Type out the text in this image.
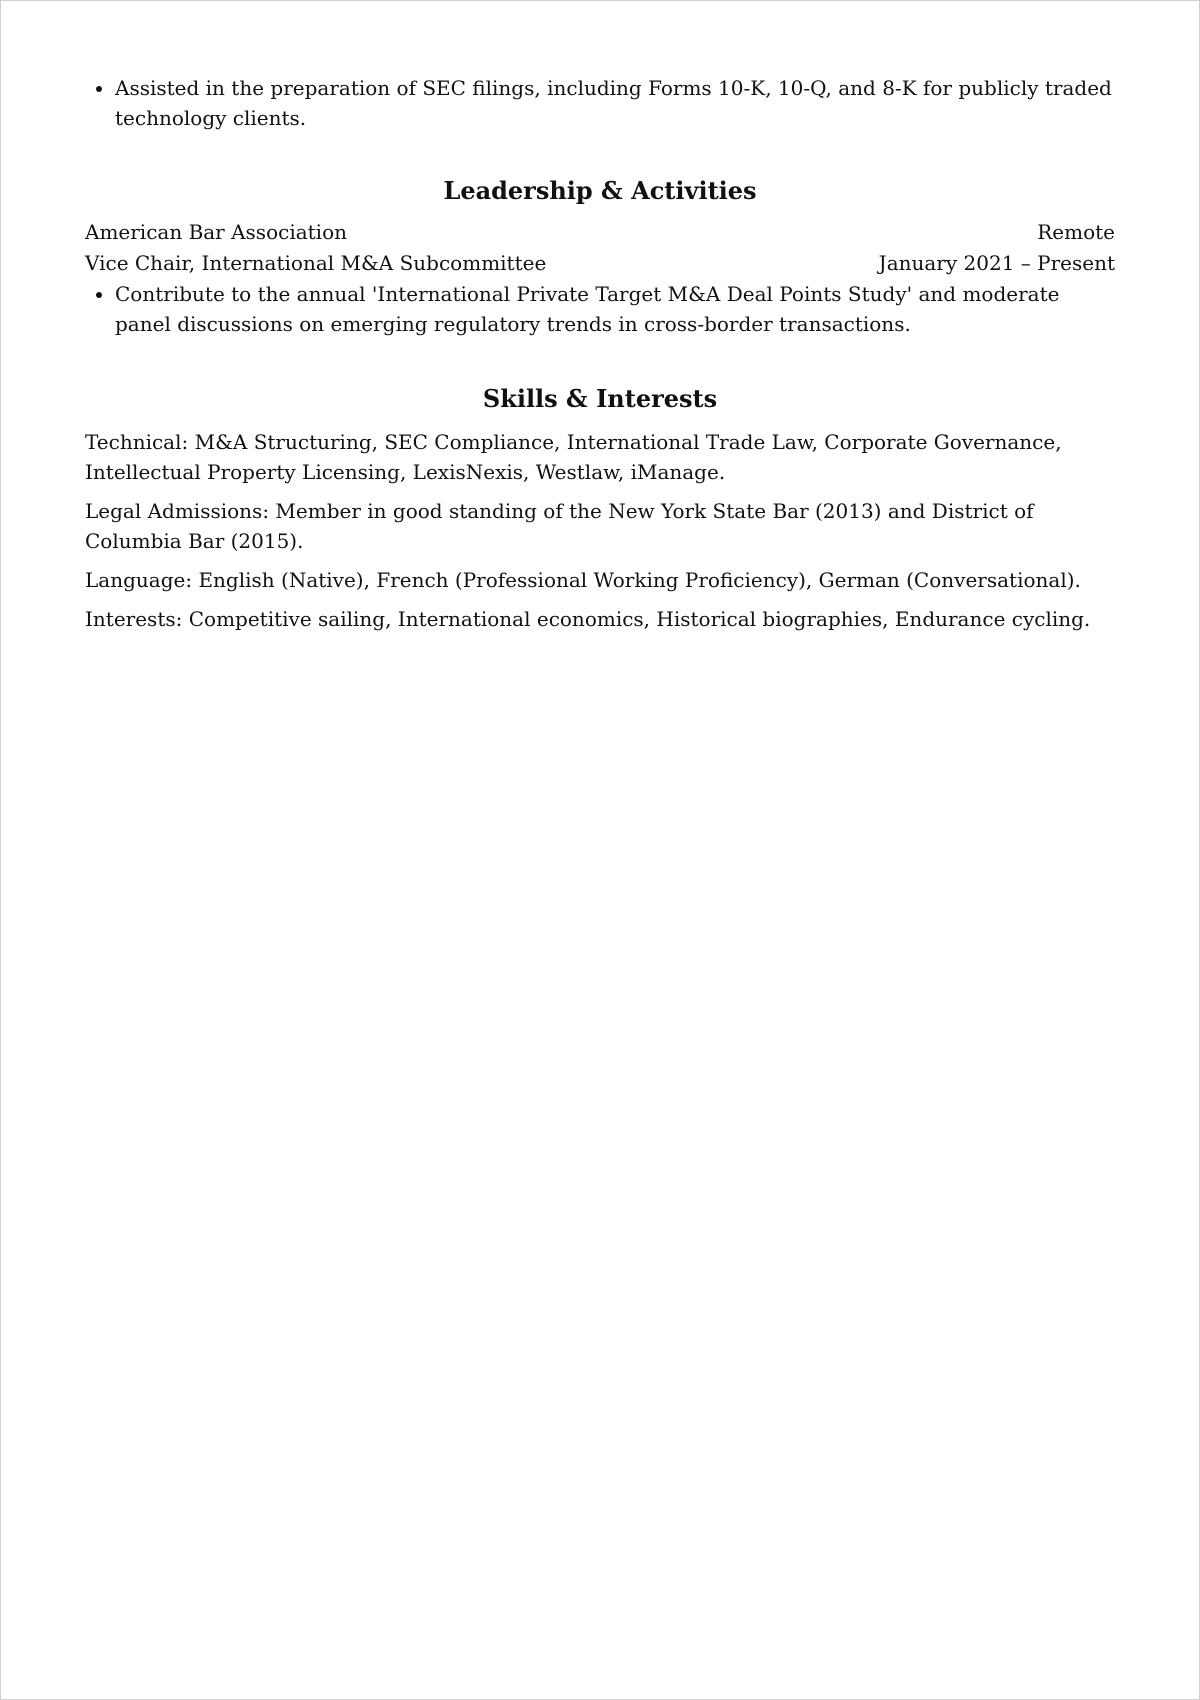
• Assisted in the preparation of SEC filings, including Forms 10-K, 10-Q, and 8-K for publicly traded technology clients.
Leadership & Activities
American Bar Association	Remote
Vice Chair, International M&A Subcommittee	January 2021 – Present
• Contribute to the annual 'International Private Target M&A Deal Points Study' and moderate panel discussions on emerging regulatory trends in cross-border transactions.
Skills & Interests

Technical: M&A Structuring, SEC Compliance, International Trade Law, Corporate Governance, Intellectual Property Licensing, LexisNexis, Westlaw, iManage.

Legal Admissions: Member in good standing of the New York State Bar (2013) and District of Columbia Bar (2015).

Language: English (Native), French (Professional Working Proficiency), German (Conversational).

Interests: Competitive sailing, International economics, Historical biographies, Endurance cycling.
